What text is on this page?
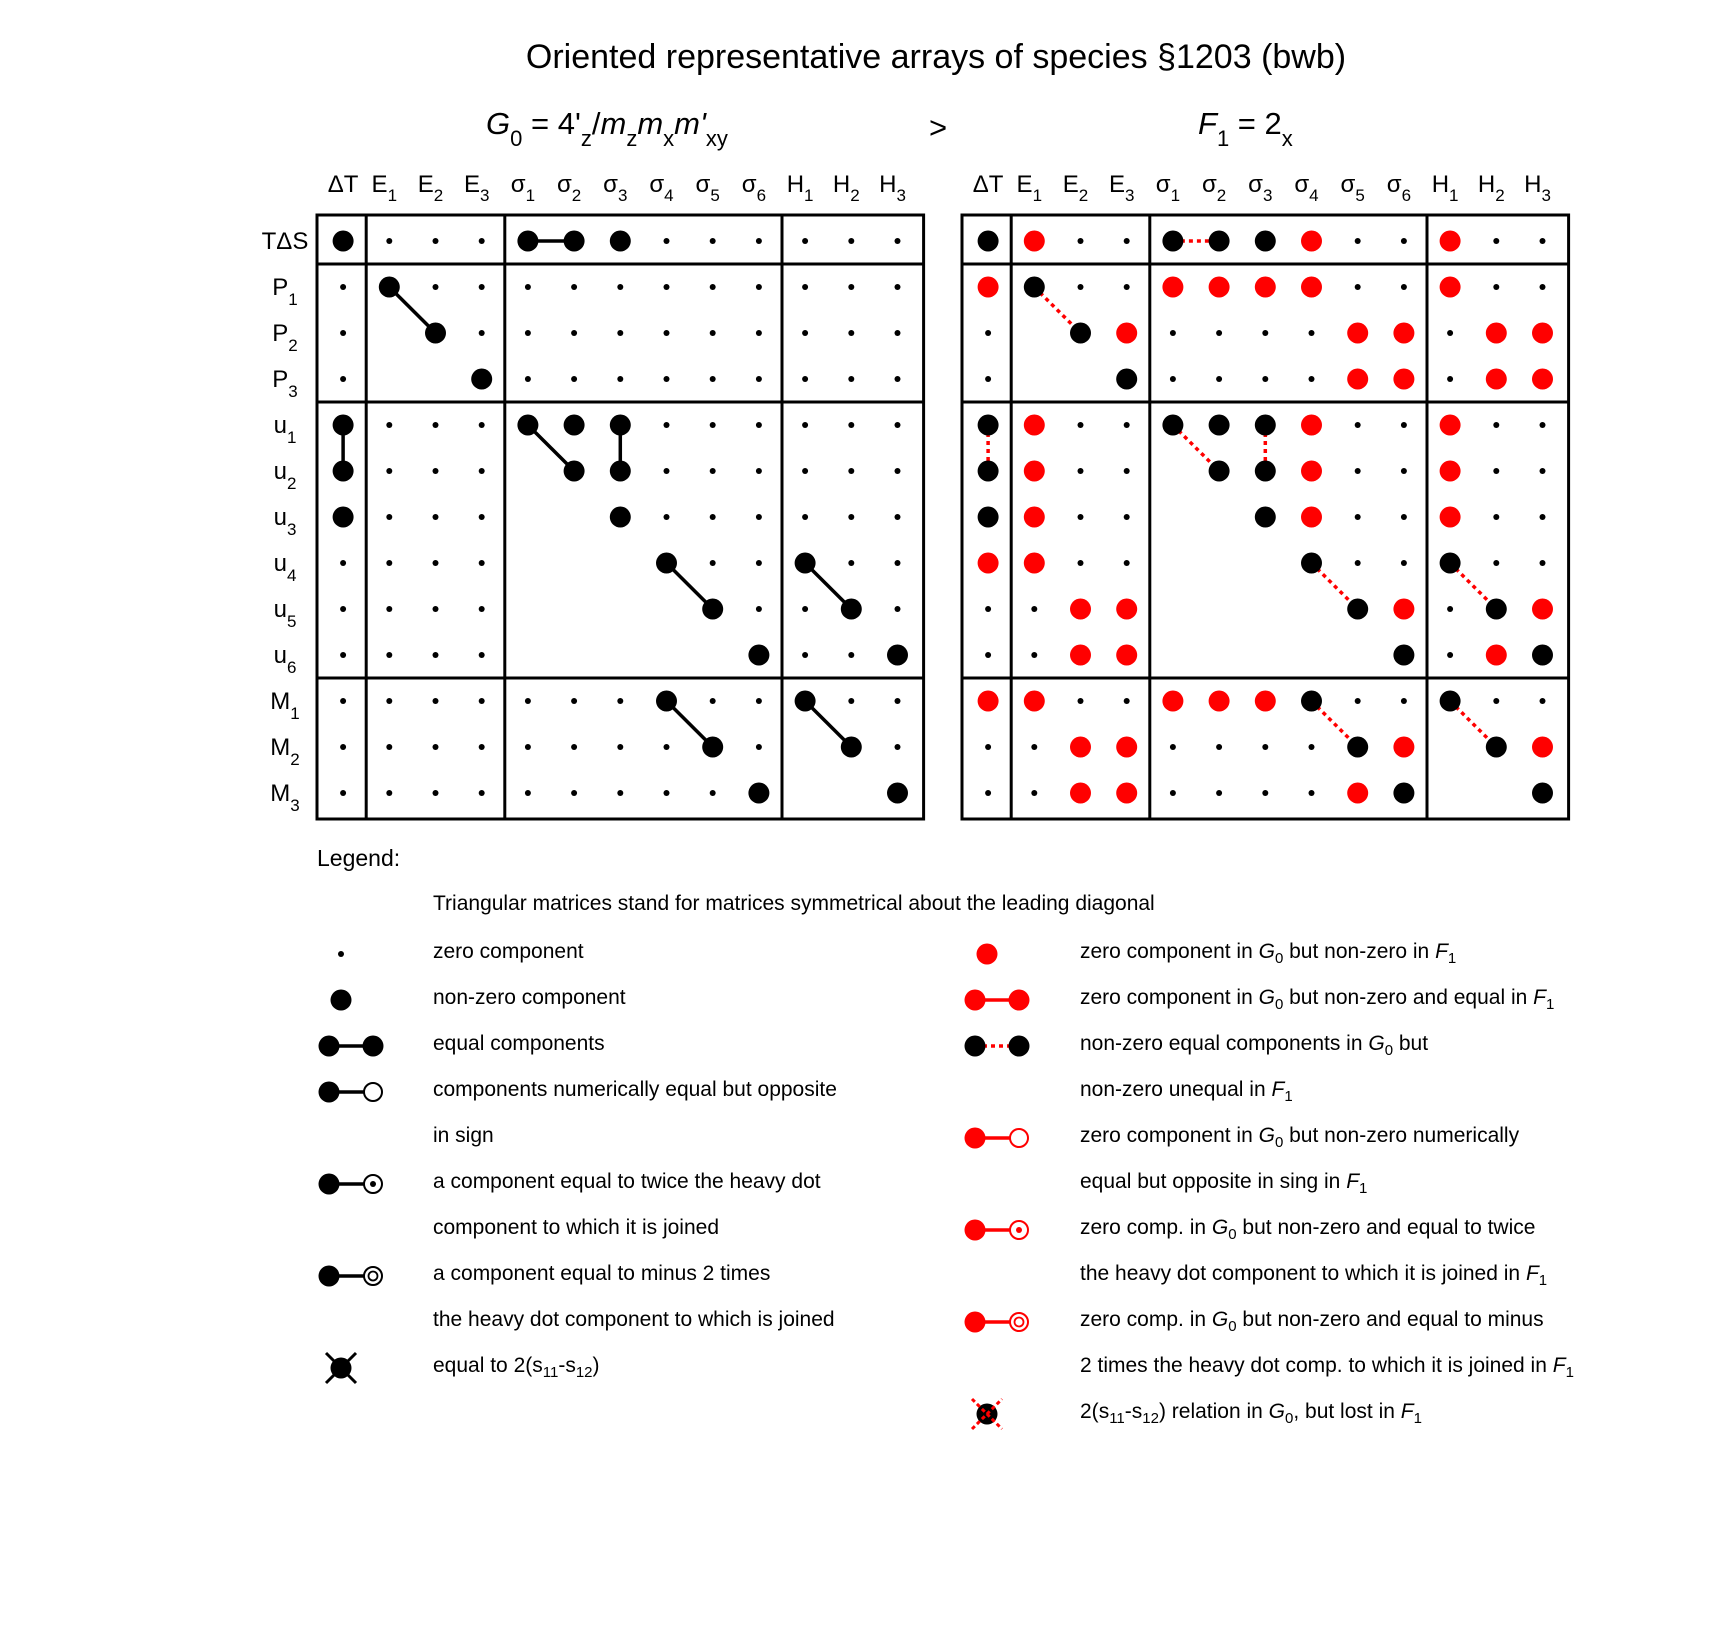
Oriented representative arrays of species §1203 (bwb)
$G_0 = 4'_z/m_zm_xm'_{xy}$	>	$F_1 = 2_x$
ΔT $E_1$ $E_2$ $E_3$ $\sigma_1$ $\sigma_2$ $\sigma_3$ $\sigma_4$ $\sigma_5$ $\sigma_6$ $H_1$ $H_2$ $H_3$
TΔS
$P_1$
$P_2$
$P_3$
$u_1$
$u_2$
$u_3$
$u_4$
$u_5$
$u_6$
$M_1$
$M_2$
$M_3$
ΔT $E_1$ $E_2$ $E_3$ $\sigma_1$ $\sigma_2$ $\sigma_3$ $\sigma_4$ $\sigma_5$ $\sigma_6$ $H_1$ $H_2$ $H_3$
Legend:
Triangular matrices stand for matrices symmetrical about the leading diagonal
zero component
non-zero component
equal components
components numerically equal but opposite
in sign
a component equal to twice the heavy dot
component to which it is joined
a component equal to minus 2 times
the heavy dot component to which is joined
equal to $2(s_{11}-s_{12})$
zero component in $G_0$ but non-zero in $F_1$
zero component in $G_0$ but non-zero and equal in $F_1$
non-zero equal components in $G_0$ but
non-zero unequal in $F_1$
zero component in $G_0$ but non-zero numerically
equal but opposite in sing in $F_1$
zero comp. in $G_0$ but non-zero and equal to twice
the heavy dot component to which it is joined in $F_1$
zero comp. in $G_0$ but non-zero and equal to minus
2 times the heavy dot comp. to which it is joined in $F_1$
$2(s_{11}-s_{12})$ relation in $G_0$, but lost in $F_1$
